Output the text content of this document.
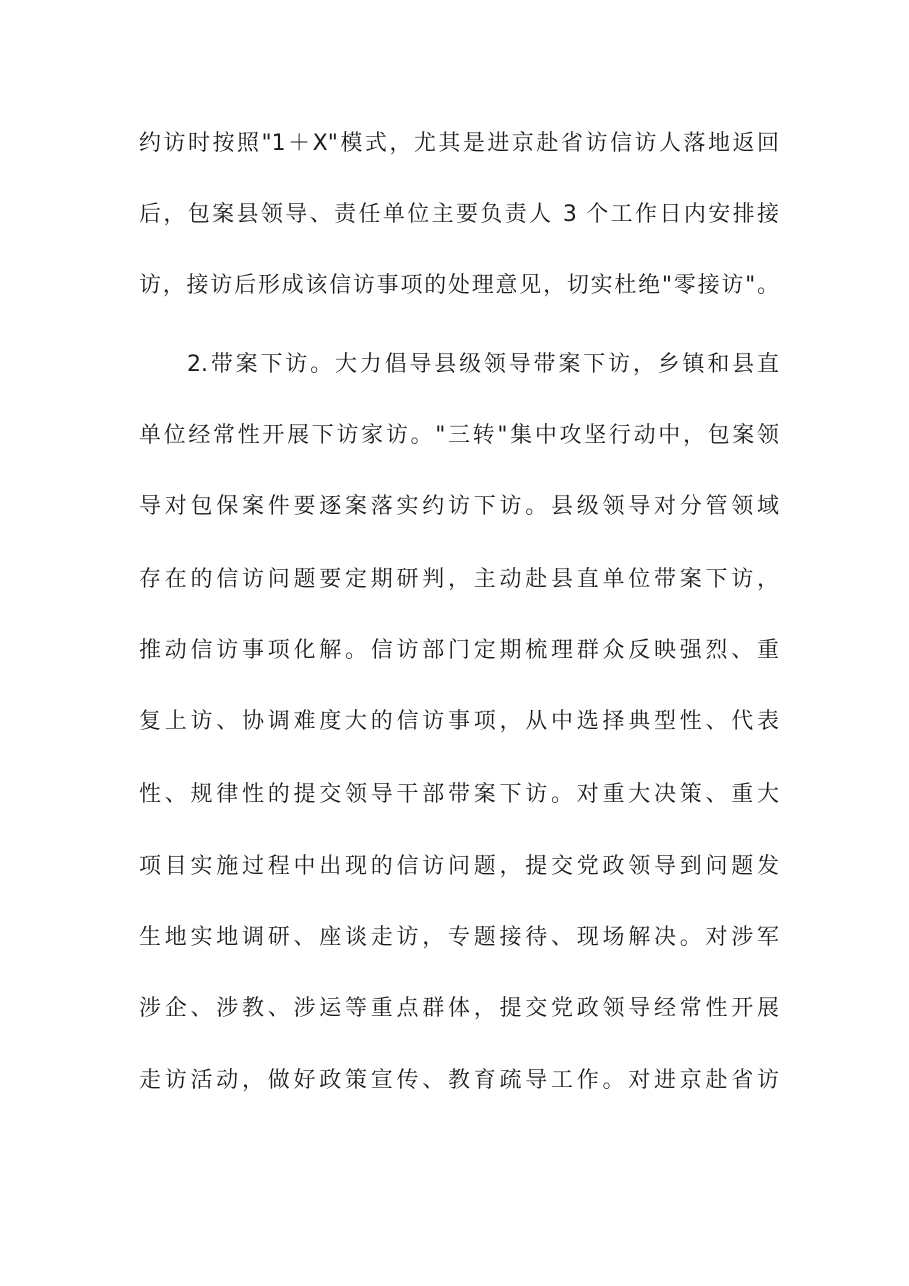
约访时按照"1＋X"模式，尤其是进京赴省访信访人落地返回
后，包案县领导、责任单位主要负责人 3 个工作日内安排接
访，接访后形成该信访事项的处理意见，切实杜绝"零接访"。
2.带案下访。大力倡导县级领导带案下访，乡镇和县直
单位经常性开展下访家访。"三转"集中攻坚行动中，包案领
导对包保案件要逐案落实约访下访。县级领导对分管领域
存在的信访问题要定期研判，主动赴县直单位带案下访，
推动信访事项化解。信访部门定期梳理群众反映强烈、重
复上访、协调难度大的信访事项，从中选择典型性、代表
性、规律性的提交领导干部带案下访。对重大决策、重大
项目实施过程中出现的信访问题，提交党政领导到问题发
生地实地调研、座谈走访，专题接待、现场解决。对涉军
涉企、涉教、涉运等重点群体，提交党政领导经常性开展
走访活动，做好政策宣传、教育疏导工作。对进京赴省访
